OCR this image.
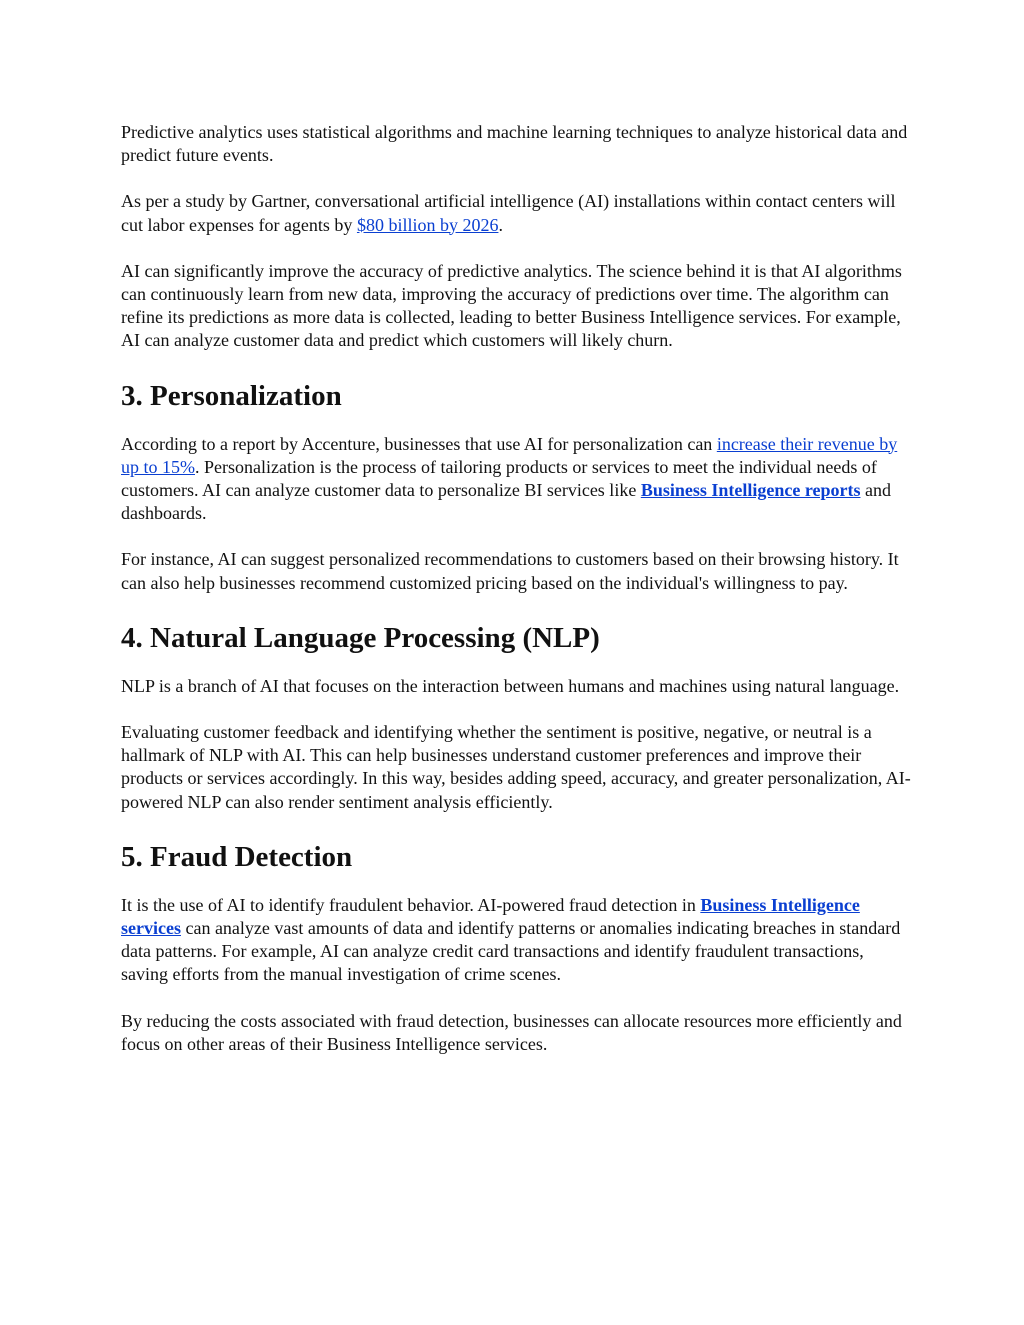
Predictive analytics uses statistical algorithms and machine learning techniques to analyze historical data and predict future events.

As per a study by Gartner, conversational artificial intelligence (AI) installations within contact centers will cut labor expenses for agents by $80 billion by 2026.

AI can significantly improve the accuracy of predictive analytics. The science behind it is that AI algorithms can continuously learn from new data, improving the accuracy of predictions over time. The algorithm can refine its predictions as more data is collected, leading to better Business Intelligence services. For example, AI can analyze customer data and predict which customers will likely churn.

3. Personalization

According to a report by Accenture, businesses that use AI for personalization can increase their revenue by up to 15%. Personalization is the process of tailoring products or services to meet the individual needs of customers. AI can analyze customer data to personalize BI services like Business Intelligence reports and dashboards.

For instance, AI can suggest personalized recommendations to customers based on their browsing history. It can also help businesses recommend customized pricing based on the individual's willingness to pay.

4. Natural Language Processing (NLP)

NLP is a branch of AI that focuses on the interaction between humans and machines using natural language.

Evaluating customer feedback and identifying whether the sentiment is positive, negative, or neutral is a hallmark of NLP with AI. This can help businesses understand customer preferences and improve their products or services accordingly. In this way, besides adding speed, accuracy, and greater personalization, AI-powered NLP can also render sentiment analysis efficiently.

5. Fraud Detection

It is the use of AI to identify fraudulent behavior. AI-powered fraud detection in Business Intelligence services can analyze vast amounts of data and identify patterns or anomalies indicating breaches in standard data patterns. For example, AI can analyze credit card transactions and identify fraudulent transactions, saving efforts from the manual investigation of crime scenes.

By reducing the costs associated with fraud detection, businesses can allocate resources more efficiently and focus on other areas of their Business Intelligence services.
